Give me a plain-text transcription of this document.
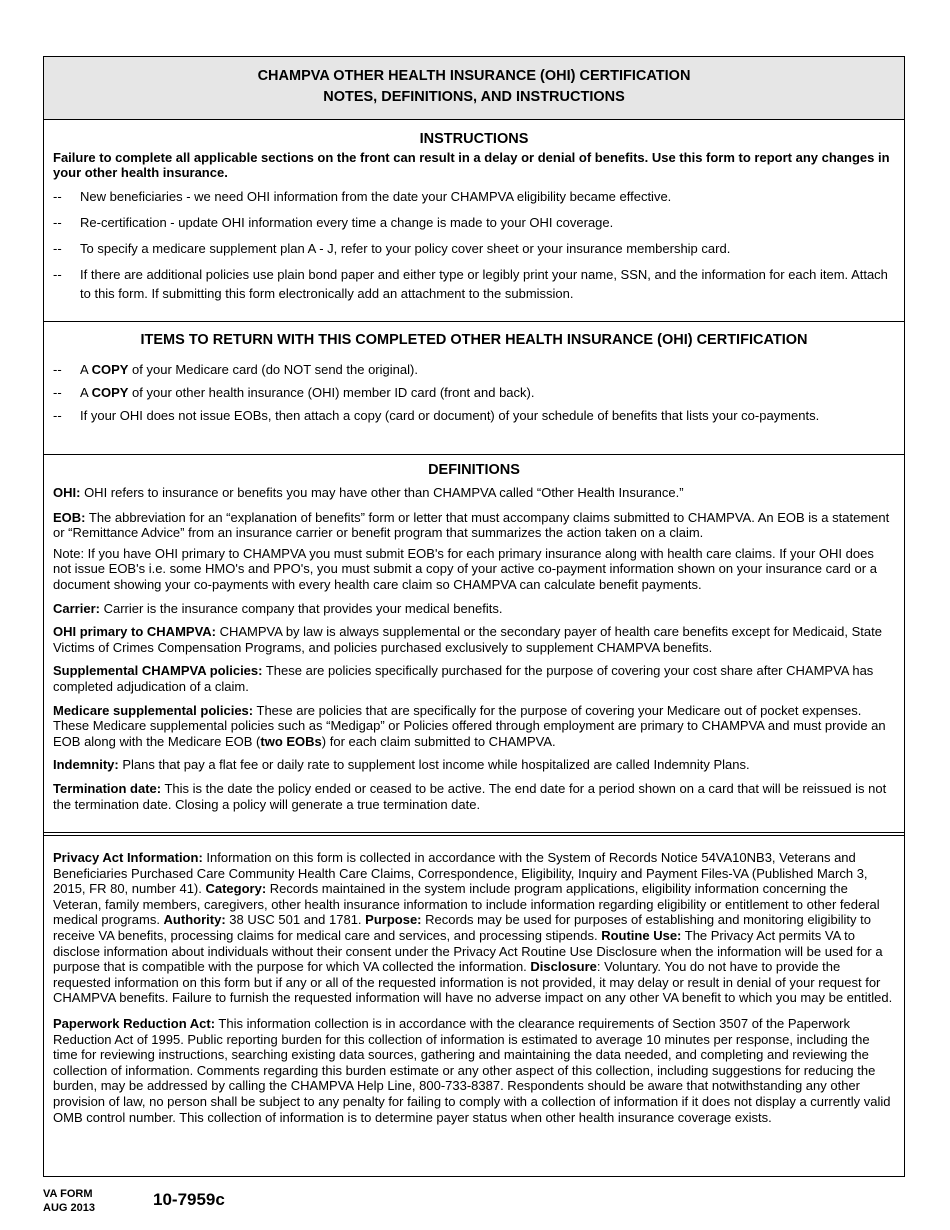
CHAMPVA OTHER HEALTH INSURANCE (OHI) CERTIFICATION
NOTES, DEFINITIONS, AND INSTRUCTIONS
INSTRUCTIONS
Failure to complete all applicable sections on the front can result in a delay or denial of benefits. Use this form to report any changes in your other health insurance.
-- New beneficiaries - we need OHI information from the date your CHAMPVA eligibility became effective.
-- Re-certification - update OHI information every time a change is made to your OHI coverage.
-- To specify a medicare supplement plan A - J, refer to your policy cover sheet or your insurance membership card.
-- If there are additional policies use plain bond paper and either type or legibly print your name, SSN, and the information for each item. Attach to this form. If submitting this form electronically add an attachment to the submission.
ITEMS TO RETURN WITH THIS COMPLETED OTHER HEALTH INSURANCE (OHI) CERTIFICATION
-- A COPY of your Medicare card (do NOT send the original).
-- A COPY of your other health insurance (OHI) member ID card (front and back).
-- If your OHI does not issue EOBs, then attach a copy (card or document) of your schedule of benefits that lists your co-payments.
DEFINITIONS
OHI: OHI refers to insurance or benefits you may have other than CHAMPVA called “Other Health Insurance.”
EOB: The abbreviation for an “explanation of benefits” form or letter that must accompany claims submitted to CHAMPVA. An EOB is a statement or “Remittance Advice” from an insurance carrier or benefit program that summarizes the action taken on a claim.
Note: If you have OHI primary to CHAMPVA you must submit EOB's for each primary insurance along with health care claims. If your OHI does not issue EOB's i.e. some HMO's and PPO's, you must submit a copy of your active co-payment information shown on your insurance card or a document showing your co-payments with every health care claim so CHAMPVA can calculate benefit payments.
Carrier: Carrier is the insurance company that provides your medical benefits.
OHI primary to CHAMPVA: CHAMPVA by law is always supplemental or the secondary payer of health care benefits except for Medicaid, State Victims of Crimes Compensation Programs, and policies purchased exclusively to supplement CHAMPVA benefits.
Supplemental CHAMPVA policies: These are policies specifically purchased for the purpose of covering your cost share after CHAMPVA has completed adjudication of a claim.
Medicare supplemental policies: These are policies that are specifically for the purpose of covering your Medicare out of pocket expenses. These Medicare supplemental policies such as “Medigap” or Policies offered through employment are primary to CHAMPVA and must provide an EOB along with the Medicare EOB (two EOBs) for each claim submitted to CHAMPVA.
Indemnity: Plans that pay a flat fee or daily rate to supplement lost income while hospitalized are called Indemnity Plans.
Termination date: This is the date the policy ended or ceased to be active. The end date for a period shown on a card that will be reissued is not the termination date. Closing a policy will generate a true termination date.
Privacy Act Information: Information on this form is collected in accordance with the System of Records Notice 54VA10NB3, Veterans and Beneficiaries Purchased Care Community Health Care Claims, Correspondence, Eligibility, Inquiry and Payment Files-VA (Published March 3, 2015, FR 80, number 41). Category: Records maintained in the system include program applications, eligibility information concerning the Veteran, family members, caregivers, other health insurance information to include information regarding eligibility or entitlement to other federal medical programs. Authority: 38 USC 501 and 1781. Purpose: Records may be used for purposes of establishing and monitoring eligibility to receive VA benefits, processing claims for medical care and services, and processing stipends. Routine Use: The Privacy Act permits VA to disclose information about individuals without their consent under the Privacy Act Routine Use Disclosure when the information will be used for a purpose that is compatible with the purpose for which VA collected the information. Disclosure: Voluntary. You do not have to provide the requested information on this form but if any or all of the requested information is not provided, it may delay or result in denial of your request for CHAMPVA benefits. Failure to furnish the requested information will have no adverse impact on any other VA benefit to which you may be entitled.
Paperwork Reduction Act: This information collection is in accordance with the clearance requirements of Section 3507 of the Paperwork Reduction Act of 1995. Public reporting burden for this collection of information is estimated to average 10 minutes per response, including the time for reviewing instructions, searching existing data sources, gathering and maintaining the data needed, and completing and reviewing the collection of information. Comments regarding this burden estimate or any other aspect of this collection, including suggestions for reducing the burden, may be addressed by calling the CHAMPVA Help Line, 800-733-8387. Respondents should be aware that notwithstanding any other provision of law, no person shall be subject to any penalty for failing to comply with a collection of information if it does not display a currently valid OMB control number. This collection of information is to determine payer status when other health insurance coverage exists.
VA FORM
AUG 2013	10-7959c
